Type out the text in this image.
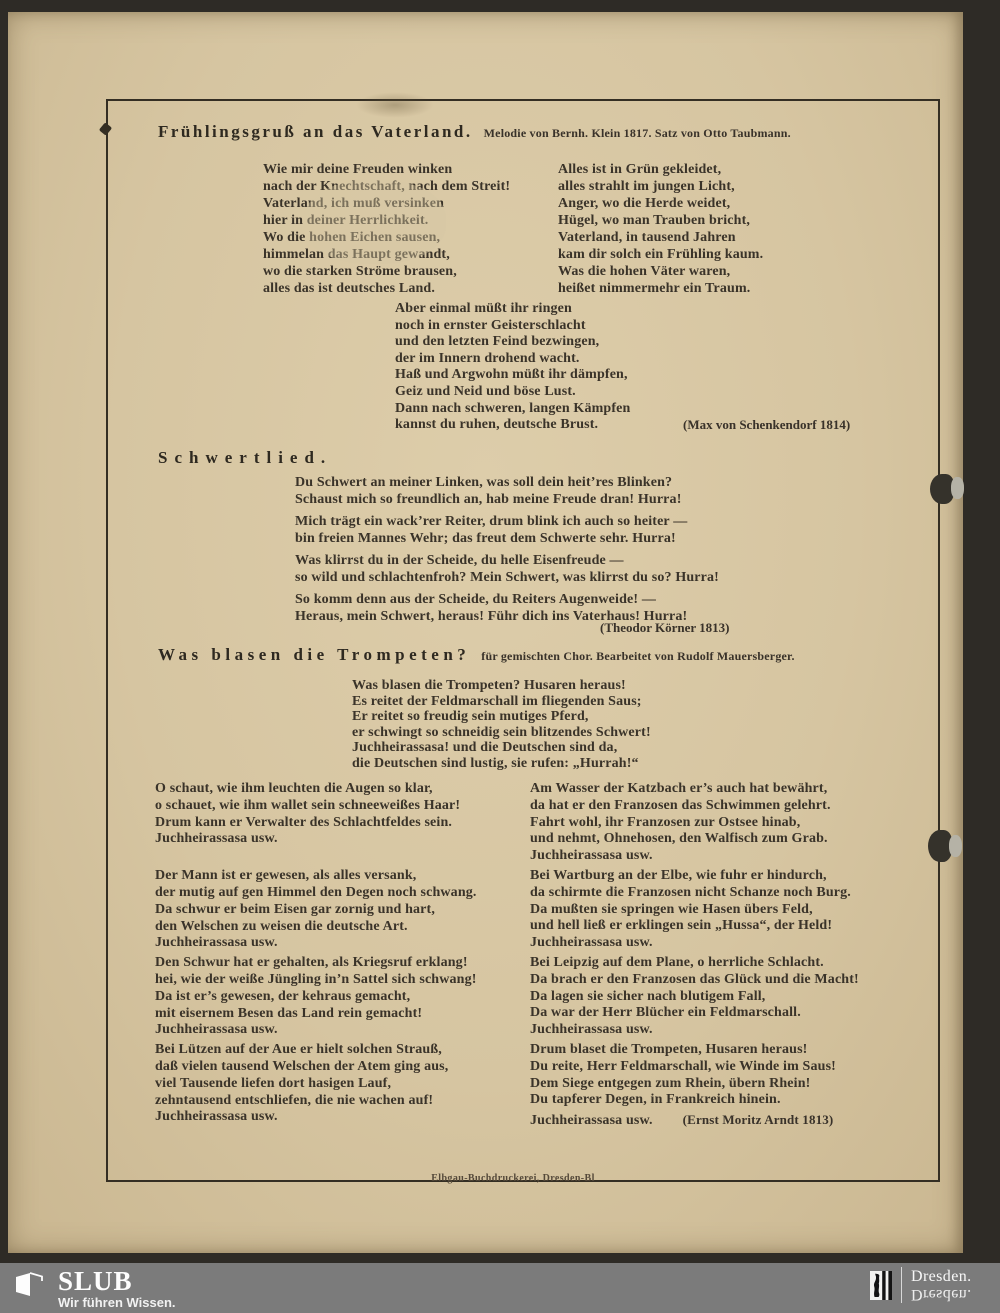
Frühlingsgruß an das Vaterland. Melodie von Bernh. Klein 1817. Satz von Otto Taubmann.
Wie mir deine Freuden winken
nach der Knechtschaft, nach dem Streit!
Vaterland, ich muß versinken
hier in deiner Herrlichkeit.
Wo die hohen Eichen sausen,
himmelan das Haupt gewandt,
wo die starken Ströme brausen,
alles das ist deutsches Land.
Alles ist in Grün gekleidet,
alles strahlt im jungen Licht,
Anger, wo die Herde weidet,
Hügel, wo man Trauben bricht,
Vaterland, in tausend Jahren
kam dir solch ein Frühling kaum.
Was die hohen Väter waren,
heißet nimmermehr ein Traum.
Aber einmal müßt ihr ringen
noch in ernster Geisterschlacht
und den letzten Feind bezwingen,
der im Innern drohend wacht.
Haß und Argwohn müßt ihr dämpfen,
Geiz und Neid und böse Lust.
Dann nach schweren, langen Kämpfen
kannst du ruhen, deutsche Brust.	(Max von Schenkendorf 1814)
Schwertlied.
Du Schwert an meiner Linken, was soll dein heit’res Blinken?
Schaust mich so freundlich an, hab meine Freude dran! Hurra!
Mich trägt ein wack’rer Reiter, drum blink ich auch so heiter —
bin freien Mannes Wehr; das freut dem Schwerte sehr. Hurra!
Was klirrst du in der Scheide, du helle Eisenfreude —
so wild und schlachtenfroh? Mein Schwert, was klirrst du so? Hurra!
So komm denn aus der Scheide, du Reiters Augenweide! —
Heraus, mein Schwert, heraus! Führ dich ins Vaterhaus! Hurra!
(Theodor Körner 1813)
Was blasen die Trompeten? für gemischten Chor. Bearbeitet von Rudolf Mauersberger.
Was blasen die Trompeten? Husaren heraus!
Es reitet der Feldmarschall im fliegenden Saus;
Er reitet so freudig sein mutiges Pferd,
er schwingt so schneidig sein blitzendes Schwert!
Juchheirassasa! und die Deutschen sind da,
die Deutschen sind lustig, sie rufen: „Hurrah!“
O schaut, wie ihm leuchten die Augen so klar,
o schauet, wie ihm wallet sein schneeweißes Haar!
Drum kann er Verwalter des Schlachtfeldes sein.
Juchheirassasa usw.
Der Mann ist er gewesen, als alles versank,
der mutig auf gen Himmel den Degen noch schwang.
Da schwur er beim Eisen gar zornig und hart,
den Welschen zu weisen die deutsche Art.
Juchheirassasa usw.
Den Schwur hat er gehalten, als Kriegsruf erklang!
hei, wie der weiße Jüngling in’n Sattel sich schwang!
Da ist er’s gewesen, der kehraus gemacht,
mit eisernem Besen das Land rein gemacht!
Juchheirassasa usw.
Bei Lützen auf der Aue er hielt solchen Strauß,
daß vielen tausend Welschen der Atem ging aus,
viel Tausende liefen dort hasigen Lauf,
zehntausend entschliefen, die nie wachen auf!
Juchheirassasa usw.
Am Wasser der Katzbach er’s auch hat bewährt,
da hat er den Franzosen das Schwimmen gelehrt.
Fahrt wohl, ihr Franzosen zur Ostsee hinab,
und nehmt, Ohnehosen, den Walfisch zum Grab.
Juchheirassasa usw.
Bei Wartburg an der Elbe, wie fuhr er hindurch,
da schirmte die Franzosen nicht Schanze noch Burg.
Da mußten sie springen wie Hasen übers Feld,
und hell ließ er erklingen sein „Hussa“, der Held!
Juchheirassasa usw.
Bei Leipzig auf dem Plane, o herrliche Schlacht.
Da brach er den Franzosen das Glück und die Macht!
Da lagen sie sicher nach blutigem Fall,
Da war der Herr Blücher ein Feldmarschall.
Juchheirassasa usw.
Drum blaset die Trompeten, Husaren heraus!
Du reite, Herr Feldmarschall, wie Winde im Saus!
Dem Siege entgegen zum Rhein, übern Rhein!
Du tapferer Degen, in Frankreich hinein.
Juchheirassasa usw. (Ernst Moritz Arndt 1813)
Elbgau-Buchdruckerei, Dresden-Bl
SLUB
Wir führen Wissen.
Dresden.
Dresden.
